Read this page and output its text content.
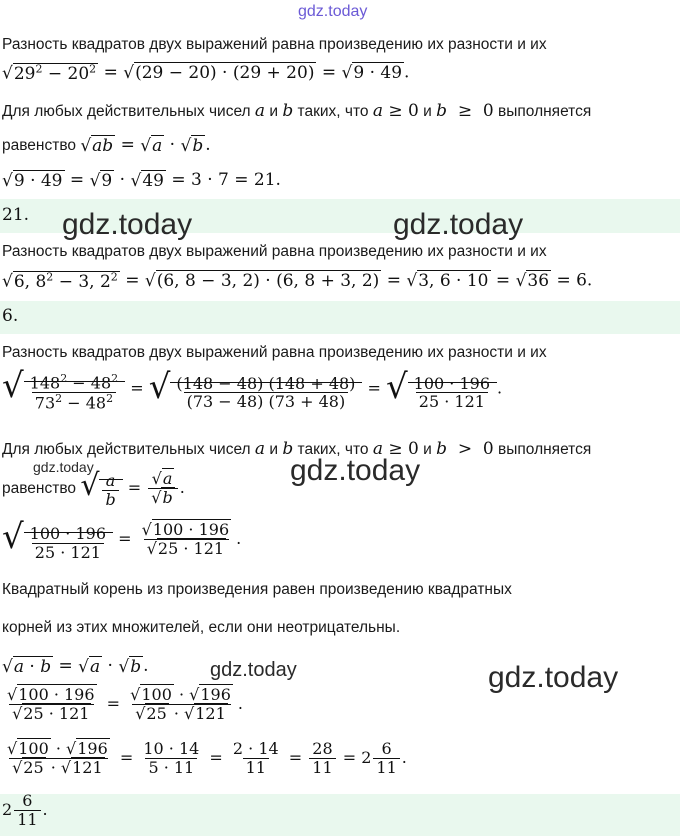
gdz.today
Разность квадратов двух выражений равна произведению их разности и их
$√29^2 - 20^2 = √(29 - 20) \cdot (29 + 20) = √9 \cdot 49$ .
Для любых действительных чисел a и b таких, что a ≥ 0 и b  ≥  0 выполняется
равенство √ab = √a · √b .
√9 · 49 = √9 · √49 = 3 · 7 = 21.
21. gdz.today	gdz.today
Разность квадратов двух выражений равна произведению их разности и их
√6, $8^2 - 3$, $2^2 = √(6$, 8 − 3, 2) · (6, 8 + 3, 2) = √3, 6 · 10 = √36 = 6.
6.
Разность квадратов двух выражений равна произведению их разности и их
√ $\frac{148^2 - 48^2}{73^2 - 48^2}$ = √ $\frac{(148 - 48) (148 + 48)}{(73 - 48) (73 + 48)}$ = √ $\frac{100 \cdot 196}{25 \cdot 121}$ .
Для любых действительных чисел a и b таких, что a ≥ 0 и b  >  0 выполняется
gdz.today	gdz.today
равенство √ $\frac{a}{b} = \frac{√a}{√b}$ .
√ $\frac{100 \cdot 196}{25 \cdot 121} = \frac{√100 \cdot 196}{√25 \cdot 121}$ .
Квадратный корень из произведения равен произведению квадратных
корней из этих множителей, если они неотрицательны.
√a · b = √a · √b .	gdz.today	gdz.today
$\frac{√100 \cdot 196}{√25 \cdot 121} = \frac{√100 \cdot √196}{√25 \cdot √121}$ .
$\frac{√100 \cdot √196}{√25 \cdot √121} = \frac{10 \cdot 14}{5 \cdot 11} = \frac{2 \cdot 14}{11} = \frac{28}{11} = 2 \frac{6}{11}$ .
$2 \frac{6}{11}$ .
